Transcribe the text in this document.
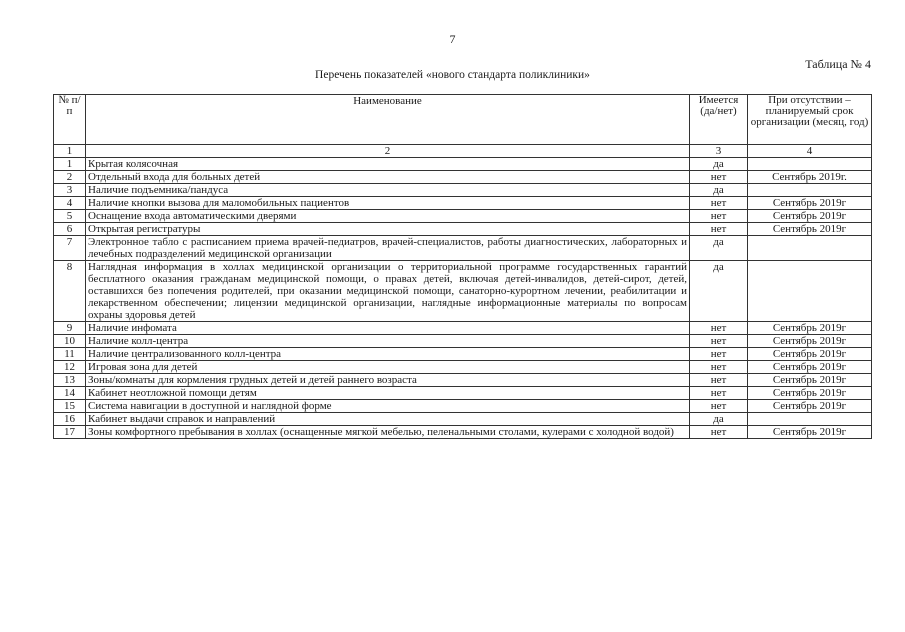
7
Таблица № 4
Перечень показателей «нового стандарта поликлиники»
№ п/п	Наименование	Имеется (да/нет)	При отсутствии – планируемый срок организации (месяц, год)
1	2	3	4
1	Крытая колясочная	да	
2	Отдельный входа для больных детей	нет	Сентябрь 2019г.
3	Наличие подъемника/пандуса	да	
4	Наличие кнопки вызова для маломобильных пациентов	нет	Сентябрь 2019г
5	Оснащение входа автоматическими дверями	нет	Сентябрь 2019г
6	Открытая регистратуры	нет	Сентябрь 2019г
7	Электронное табло с расписанием приема врачей-педиатров, врачей-специалистов, работы диагностических, лабораторных и лечебных подразделений медицинской организации	да	
8	Наглядная информация в холлах медицинской организации о территориальной программе государственных гарантий бесплатного оказания гражданам медицинской помощи, о правах детей, включая детей-инвалидов, детей-сирот, детей, оставшихся без попечения родителей, при оказании медицинской помощи, санаторно-курортном лечении, реабилитации и лекарственном обеспечении; лицензии медицинской организации, наглядные информационные материалы по вопросам охраны здоровья детей	да	
9	Наличие инфомата	нет	Сентябрь 2019г
10	Наличие колл-центра	нет	Сентябрь 2019г
11	Наличие централизованного колл-центра	нет	Сентябрь 2019г
12	Игровая зона для детей	нет	Сентябрь 2019г
13	Зоны/комнаты для кормления грудных детей и детей раннего возраста	нет	Сентябрь 2019г
14	Кабинет неотложной помощи детям	нет	Сентябрь 2019г
15	Система навигации в доступной и наглядной форме	нет	Сентябрь 2019г
16	Кабинет выдачи справок и направлений	да	
17	Зоны комфортного пребывания в холлах (оснащенные мягкой мебелью, пеленальными столами, кулерами с холодной водой)	нет	Сентябрь 2019г
